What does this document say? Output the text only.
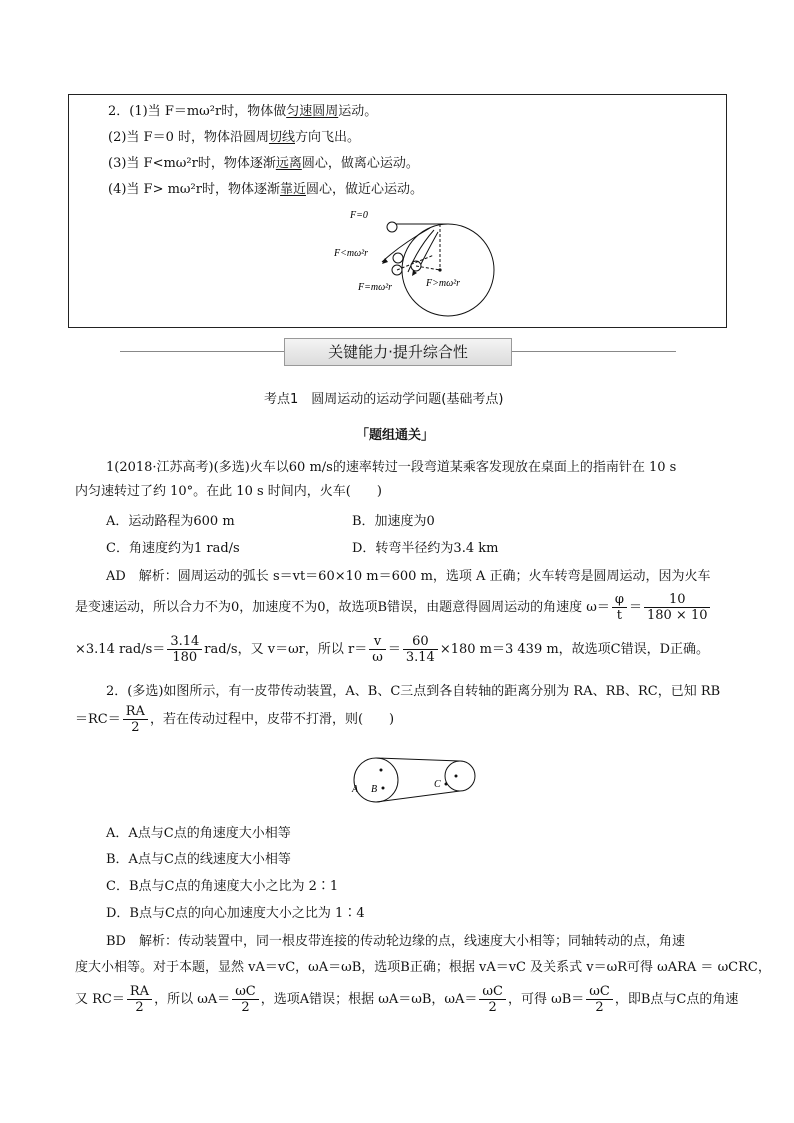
2．(1)当 F＝mω²r时，物体做匀速圆周运动。
(2)当 F＝0 时，物体沿圆周切线方向飞出。
(3)当 F<mω²r时，物体逐渐远离圆心，做离心运动。
(4)当 F> mω²r时，物体逐渐靠近圆心，做近心运动。
F=0
F<mω²r
F=mω²r	F>mω²r
关键能力·提升综合性
考点1　圆周运动的运动学问题(基础考点)
「题组通关」
1(2018·江苏高考)(多选)火车以60 m/s的速率转过一段弯道某乘客发现放在桌面上的指南针在 10 s
内匀速转过了约 10°。在此 10 s 时间内，火车(　　)
A．运动路程为600 m	B．加速度为0
C．角速度约为1 rad/s	D．转弯半径约为3.4 km
AD　解析：圆周运动的弧长 s＝vt＝60×10 m＝600 m，选项 A 正确；火车转弯是圆周运动，因为火车
是变速运动，所以合力不为0，加速度不为0，故选项B错误，由题意得圆周运动的角速度 $\omega= \frac{\varphi}{t} = \frac{10}{180 \times 10}$
×3.14 $rad/s= \frac{3.14}{180} rad/s$，又 v＝ωr，所以 $r= \frac{v}{\omega} = \frac{60}{3.14} \times 180$ m＝3 439 m，故选项C错误，D正确。
2．(多选)如图所示，有一皮带传动装置，A、B、C三点到各自转轴的距离分别为 RA、RB、RC，已知 RB
$=RC= \frac{RA}{2}$ ，若在传动过程中，皮带不打滑，则(　　)
A B	C
A．A点与C点的角速度大小相等
B．A点与C点的线速度大小相等
C．B点与C点的角速度大小之比为 2∶1
D．B点与C点的向心加速度大小之比为 1∶4
BD　解析：传动装置中，同一根皮带连接的传动轮边缘的点，线速度大小相等；同轴转动的点，角速
度大小相等。对于本题，显然 vA＝vC，ωA＝ωB，选项B正确；根据 vA＝vC 及关系式 v＝ωR可得 ωARA ＝ ωCRC，
又 $RC= \frac{RA}{2}$ ，所以 $\omega A= \frac{\omega C}{2}$ ，选项A错误；根据 ωA＝ωB，$\omega A= \frac{\omega C}{2}$ ，可得 $\omega B= \frac{\omega C}{2}$ ，即B点与C点的角速
